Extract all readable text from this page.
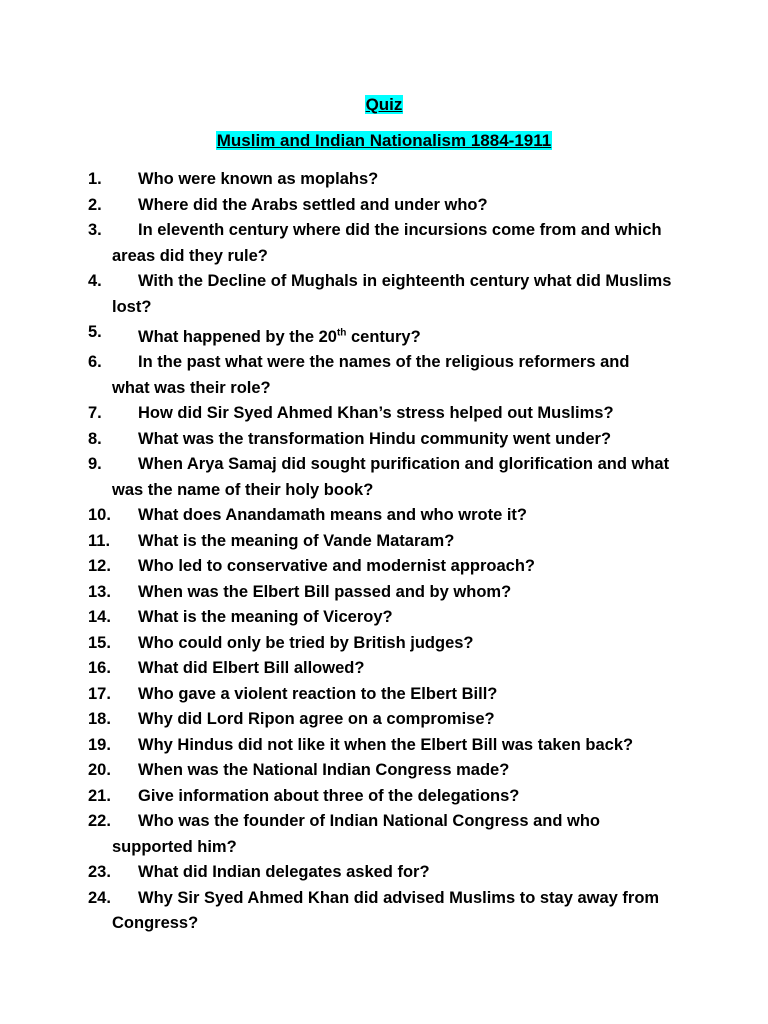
Quiz
Muslim and Indian Nationalism 1884-1911
1. Who were known as moplahs?
2. Where did the Arabs settled and under who?
3. In eleventh century where did the incursions come from and which
areas did they rule?
4. With the Decline of Mughals in eighteenth century what did Muslims
lost?
5. What happened by the 20th century?
6. In the past what were the names of the religious reformers and
what was their role?
7. How did Sir Syed Ahmed Khan’s stress helped out Muslims?
8. What was the transformation Hindu community went under?
9. When Arya Samaj did sought purification and glorification and what
was the name of their holy book?
10. What does Anandamath means and who wrote it?
11. What is the meaning of Vande Mataram?
12. Who led to conservative and modernist approach?
13. When was the Elbert Bill passed and by whom?
14. What is the meaning of Viceroy?
15. Who could only be tried by British judges?
16. What did Elbert Bill allowed?
17. Who gave a violent reaction to the Elbert Bill?
18. Why did Lord Ripon agree on a compromise?
19. Why Hindus did not like it when the Elbert Bill was taken back?
20. When was the National Indian Congress made?
21. Give information about three of the delegations?
22. Who was the founder of Indian National Congress and who
supported him?
23. What did Indian delegates asked for?
24. Why Sir Syed Ahmed Khan did advised Muslims to stay away from
Congress?
